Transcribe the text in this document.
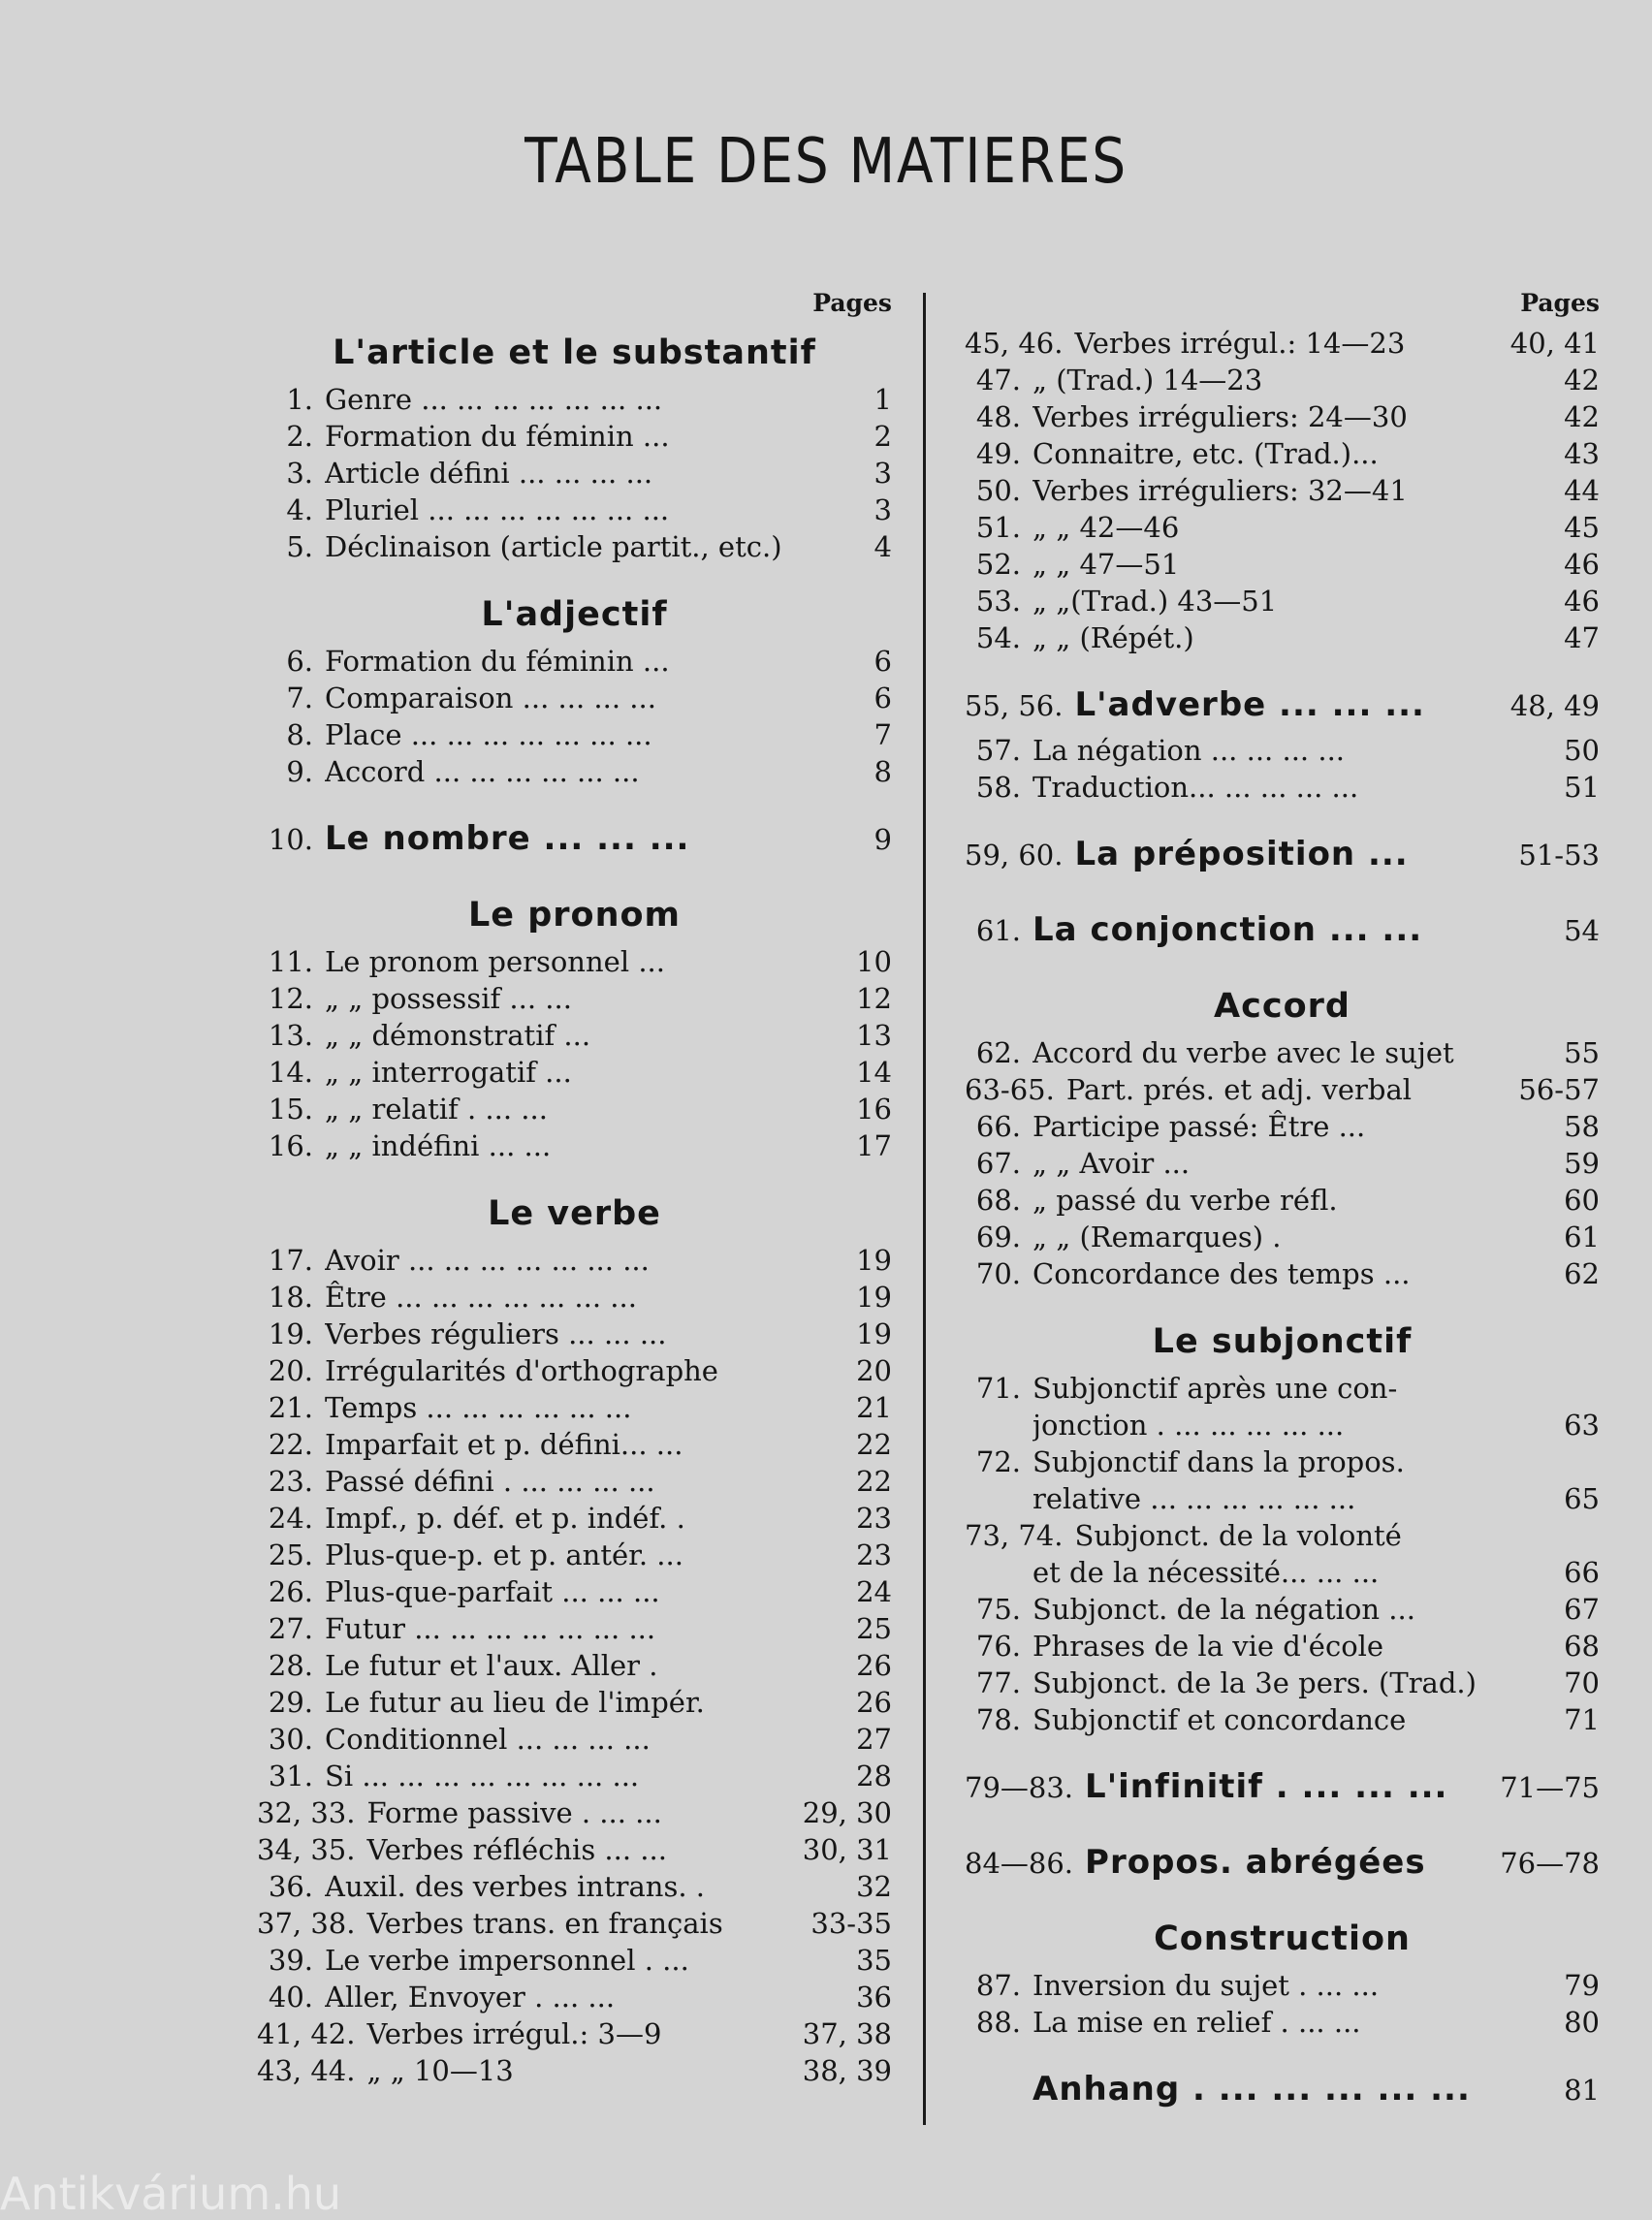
TABLE DES MATIERES
Pages
L'article et le substantif
1. Genre ... ... ... ... ... ... ...	1
2. Formation du féminin ...	2
3. Article défini ... ... ... ...	3
4. Pluriel ... ... ... ... ... ... ...	3
5. Déclinaison (article partit., etc.)	4
L'adjectif
6. Formation du féminin ...	6
7. Comparaison ... ... ... ...	6
8. Place ... ... ... ... ... ... ...	7
9. Accord ... ... ... ... ... ...	8
10. Le nombre ... ... ...	9
Le pronom
11. Le pronom personnel ...	10
12. „ „ possessif ... ...	12
13. „ „ démonstratif ...	13
14. „ „ interrogatif ...	14
15. „ „ relatif . ... ...	16
16. „ „ indéfini ... ...	17
Le verbe
17. Avoir ... ... ... ... ... ... ...	19
18. Être ... ... ... ... ... ... ...	19
19. Verbes réguliers ... ... ...	19
20. Irrégularités d'orthographe	20
21. Temps ... ... ... ... ... ...	21
22. Imparfait et p. défini... ...	22
23. Passé défini . ... ... ... ...	22
24. Impf., p. déf. et p. indéf. .	23
25. Plus-que-p. et p. antér. ...	23
26. Plus-que-parfait ... ... ...	24
27. Futur ... ... ... ... ... ... ...	25
28. Le futur et l'aux. Aller .	26
29. Le futur au lieu de l'impér.	26
30. Conditionnel ... ... ... ...	27
31. Si ... ... ... ... ... ... ... ...	28
32, 33. Forme passive . ... ...	29, 30
34, 35. Verbes réfléchis ... ...	30, 31
36. Auxil. des verbes intrans. .	32
37, 38. Verbes trans. en français	33-35
39. Le verbe impersonnel . ...	35
40. Aller, Envoyer . ... ...	36
41, 42. Verbes irrégul.: 3—9	37, 38
43, 44. „ „ 10—13	38, 39
Pages
45, 46. Verbes irrégul.: 14—23	40, 41
47. „ (Trad.) 14—23	42
48. Verbes irréguliers: 24—30	42
49. Connaitre, etc. (Trad.)...	43
50. Verbes irréguliers: 32—41	44
51. „ „ 42—46	45
52. „ „ 47—51	46
53. „ „(Trad.) 43—51	46
54. „ „ (Répét.)	47
55, 56. L'adverbe ... ... ...	48, 49
57. La négation ... ... ... ...	50
58. Traduction... ... ... ... ...	51
59, 60. La préposition ...	51-53
61. La conjonction ... ...	54
Accord
62. Accord du verbe avec le sujet	55
63-65. Part. prés. et adj. verbal	56-57
66. Participe passé: Être ...	58
67. „ „ Avoir ...	59
68. „ passé du verbe réfl.	60
69. „ „ (Remarques) .	61
70. Concordance des temps ...	62
Le subjonctif
71. Subjonctif après une con-
jonction . ... ... ... ... ...	63
72. Subjonctif dans la propos.
relative ... ... ... ... ... ...	65
73, 74. Subjonct. de la volonté
et de la nécessité... ... ...	66
75. Subjonct. de la négation ...	67
76. Phrases de la vie d'école	68
77. Subjonct. de la 3e pers. (Trad.)	70
78. Subjonctif et concordance	71
79—83. L'infinitif . ... ... ...	71—75
84—86. Propos. abrégées	76—78
Construction
87. Inversion du sujet . ... ...	79
88. La mise en relief . ... ...	80
Anhang . ... ... ... ... ...	81
Antikvárium.hu
